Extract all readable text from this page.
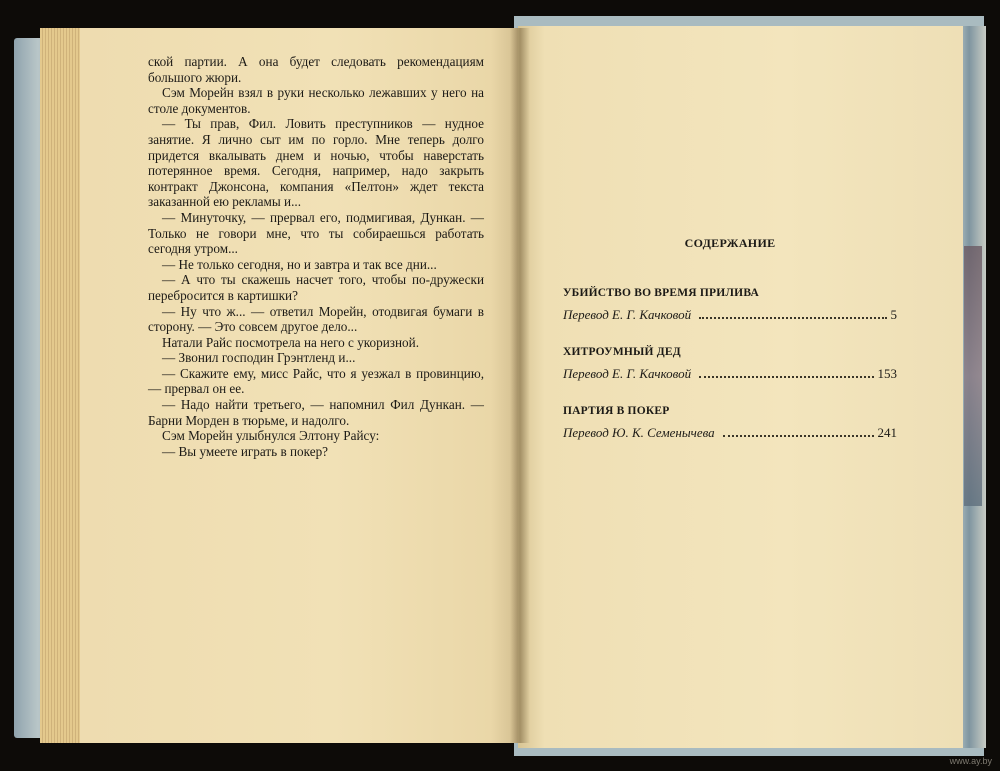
ской партии. А она будет следовать рекомендациям большого жюри.

Сэм Морейн взял в руки несколько лежавших у него на столе документов.

— Ты прав, Фил. Ловить преступников — нудное занятие. Я лично сыт им по горло. Мне теперь долго придется вкалывать днем и ночью, чтобы наверстать потерянное время. Сегодня, например, надо закрыть контракт Джонсона, компания «Пелтон» ждет текста заказанной ею рекламы и...

— Минуточку, — прервал его, подмигивая, Дункан. — Только не говори мне, что ты собираешься работать сегодня утром...

— Не только сегодня, но и завтра и так все дни...

— А что ты скажешь насчет того, чтобы по-дружески перебросится в картишки?

— Ну что ж... — ответил Морейн, отодвигая бумаги в сторону. — Это совсем другое дело...

Натали Райс посмотрела на него с укоризной.

— Звонил господин Грэнтленд и...

— Скажите ему, мисс Райс, что я уезжал в провинцию, — прервал он ее.

— Надо найти третьего, — напомнил Фил Дункан. — Барни Морден в тюрьме, и надолго.

Сэм Морейн улыбнулся Элтону Райсу:

— Вы умеете играть в покер?

СОДЕРЖАНИЕ
УБИЙСТВО ВО ВРЕМЯ ПРИЛИВА
Перевод Е. Г. Качковой	5
ХИТРОУМНЫЙ ДЕД
Перевод Е. Г. Качковой	153
ПАРТИЯ В ПОКЕР
Перевод Ю. К. Семенычева	241
www.ay.by
